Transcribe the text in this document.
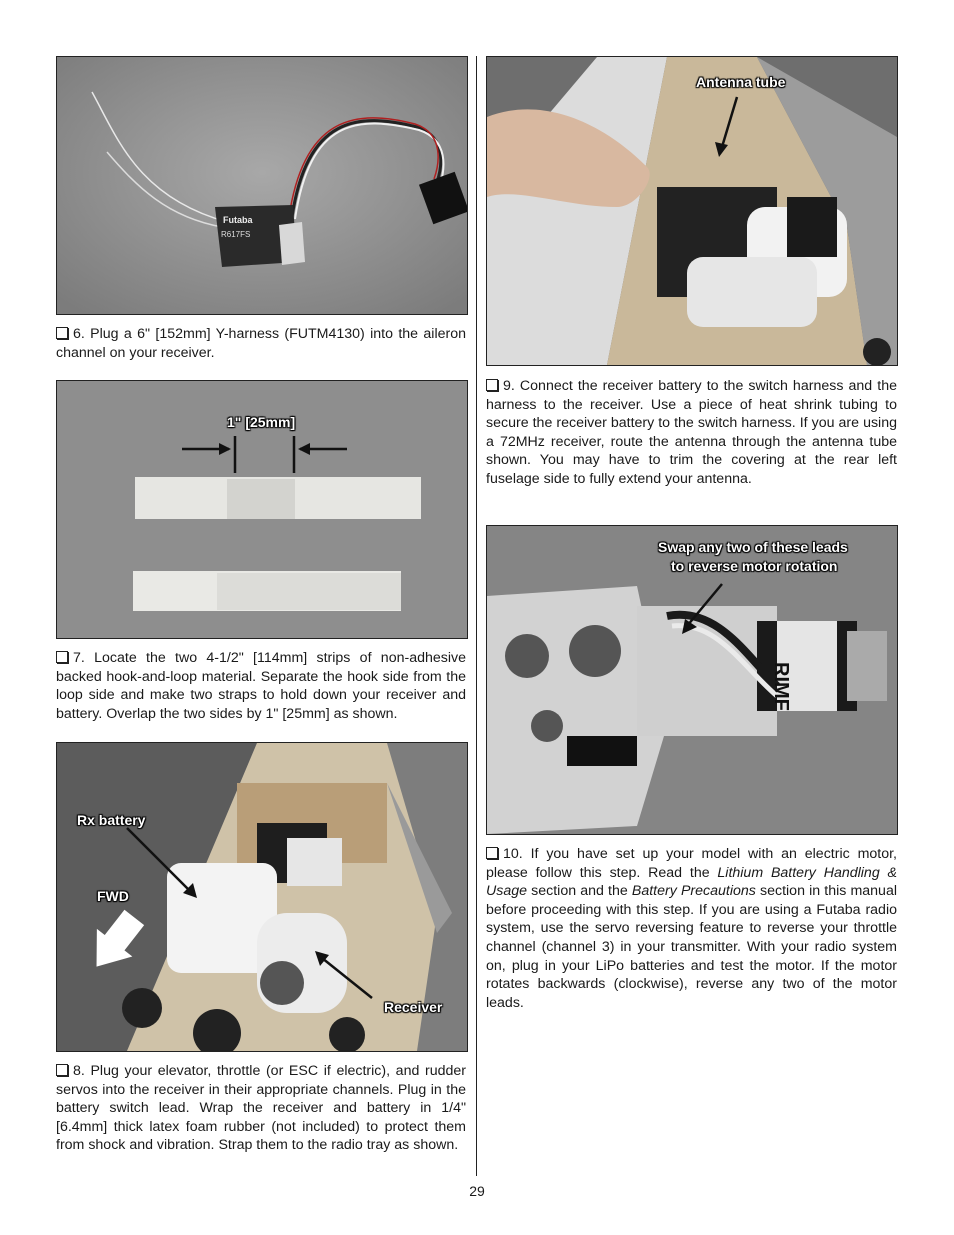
Futaba
R617FS
6. Plug a 6" [152mm] Y-harness (FUTM4130) into the aileron channel on your receiver.
1" [25mm]
7. Locate the two 4-1/2" [114mm] strips of non-adhesive backed hook-and-loop material. Separate the hook side from the loop side and make two straps to hold down your receiver and battery. Overlap the two sides by 1" [25mm] as shown.
Rx battery
FWD
Receiver
8. Plug your elevator, throttle (or ESC if electric), and rudder servos into the receiver in their appropriate channels. Plug in the battery switch lead. Wrap the receiver and battery in 1/4" [6.4mm] thick latex foam rubber (not included) to protect them from shock and vibration. Strap them to the radio tray as shown.
Antenna tube
9. Connect the receiver battery to the switch harness and the harness to the receiver. Use a piece of heat shrink tubing to secure the receiver battery to the switch harness. If you are using a 72MHz receiver, route the antenna through the antenna tube shown. You may have to trim the covering at the rear left fuselage side to fully extend your antenna.
RIMF
Swap any two of these leads
to reverse motor rotation
10. If you have set up your model with an electric motor, please follow this step. Read the Lithium Battery Handling & Usage section and the Battery Precautions section in this manual before proceeding with this step. If you are using a Futaba radio system, use the servo reversing feature to reverse your throttle channel (channel 3) in your transmitter. With your radio system on, plug in your LiPo batteries and test the motor. If the motor rotates backwards (clockwise), reverse any two of the motor leads.
29
